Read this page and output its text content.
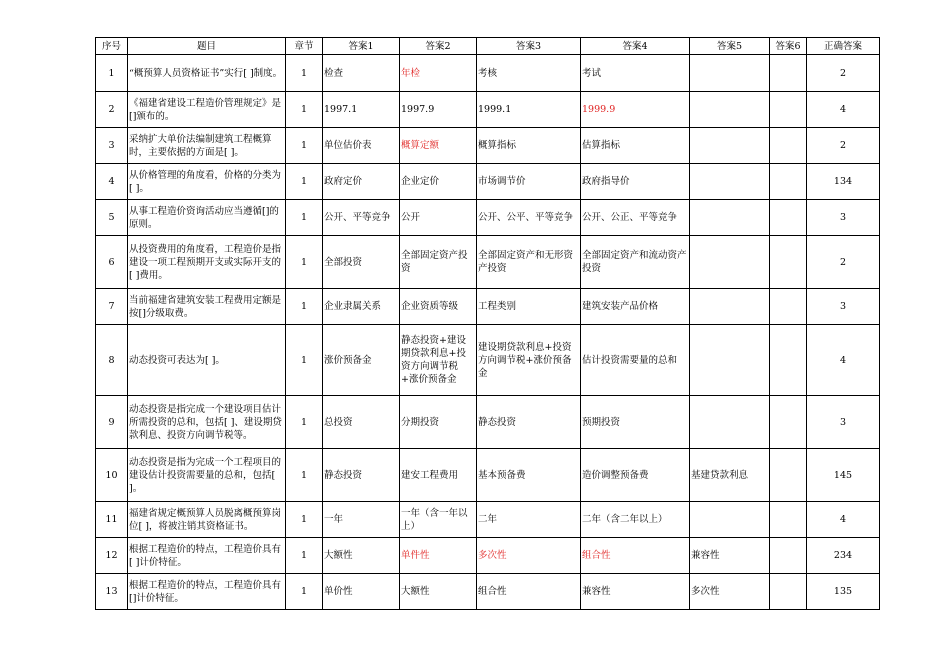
序号	题目	章节	答案1	答案2	答案3	答案4	答案5	答案6	正确答案
1	“概预算人员资格证书”实行[ ]制度。	1	检查	年检	考核	考试			2
2	《福建省建设工程造价管理规定》是[]颁布的。	1	1997.1	1997.9	1999.1	1999.9			4
3	采纳扩大单价法编制建筑工程概算时，主要依据的方面是[ ]。	1	单位估价表	概算定额	概算指标	估算指标			2
4	从价格管理的角度看，价格的分类为[ ]。	1	政府定价	企业定价	市场调节价	政府指导价			134
5	从事工程造价资询活动应当遵循[]的原则。	1	公开、平等竞争	公开	公开、公平、平等竞争	公开、公正、平等竞争			3
6	从投资费用的角度看，工程造价是指建设一项工程预期开支或实际开支的[ ]费用。	1	全部投资	全部固定资产投资	全部固定资产和无形资产投资	全部固定资产和流动资产投资			2
7	当前福建省建筑安装工程费用定额是按[]分级取费。	1	企业隶属关系	企业资质等级	工程类别	建筑安装产品价格			3
8	动态投资可表达为[ ]。	1	涨价预备金	静态投资+建设期贷款利息+投资方向调节税+涨价预备金	建设期贷款利息+投资方向调节税+涨价预备金	估计投资需要量的总和			4
9	动态投资是指完成一个建设项目估计所需投资的总和，包括[ ]、建设期贷款利息、投资方向调节税等。	1	总投资	分期投资	静态投资	预期投资			3
10	动态投资是指为完成一个工程项目的建设估计投资需要量的总和，包括[ ]。	1	静态投资	建安工程费用	基本预备费	造价调整预备费	基建贷款利息		145
11	福建省规定概预算人员脱离概预算岗位[ ]，将被注销其资格证书。	1	一年	一年（含一年以上）	二年	二年（含二年以上）			4
12	根据工程造价的特点，工程造价具有[ ]计价特征。	1	大额性	单件性	多次性	组合性	兼容性		234
13	根据工程造价的特点，工程造价具有[]计价特征。	1	单价性	大额性	组合性	兼容性	多次性		135
